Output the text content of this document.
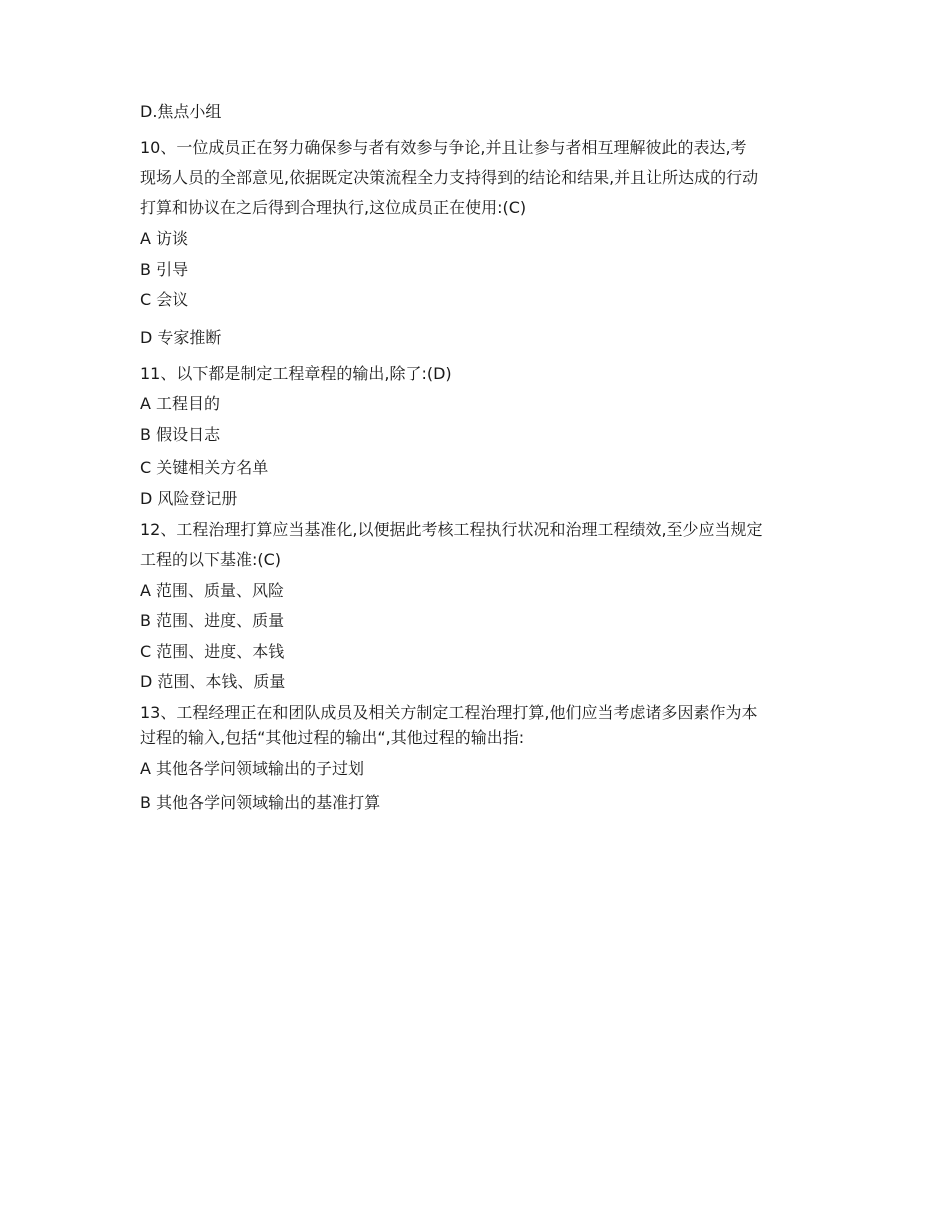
D.焦点小组
10、一位成员正在努力确保参与者有效参与争论,并且让参与者相互理解彼此的表达,考
现场人员的全部意见,依据既定决策流程全力支持得到的结论和结果,并且让所达成的行动
打算和协议在之后得到合理执行,这位成员正在使用:(C)
A 访谈
B 引导
C 会议
D 专家推断
11、以下都是制定工程章程的输出,除了:(D)
A 工程目的
B 假设日志
C 关键相关方名单
D 风险登记册
12、工程治理打算应当基准化,以便据此考核工程执行状况和治理工程绩效,至少应当规定
工程的以下基准:(C)
A 范围、质量、风险
B 范围、进度、质量
C 范围、进度、本钱
D 范围、本钱、质量
13、工程经理正在和团队成员及相关方制定工程治理打算,他们应当考虑诸多因素作为本
过程的输入,包括“其他过程的输出“,其他过程的输出指:
A 其他各学问领域输出的子过划
B 其他各学问领域输出的基准打算
